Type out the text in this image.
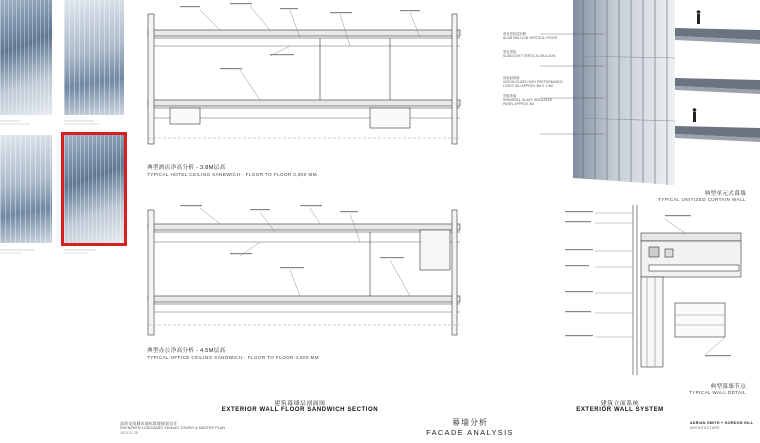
典型酒店净高分析 - 3.8M层高
TYPICAL HOTEL CEILING SANDWICH - FLOOR TO FLOOR 3,800 MM
典型办公净高分析 - 4.5M层高
TYPICAL OFFICE CEILING SANDWICH - FLOOR TO FLOOR 4,500 MM
建筑幕墙层剖面图
EXTERIOR WALL FLOOR SANDWICH SECTION
垂直竖梃装饰鳍
ALUM MULLION VERTICAL FRONT
竖直竖梃
SLAB LIGHT VERTICAL MULLION
低辐射玻璃
VISION GLASS HIGH PERFORMANCE LOW E IGU APPROX 3M X 1.5M
背板玻璃
SPANDREL GLASS INSULATED PANEL APPROX 3M
典型单元式幕墙
TYPICAL UNITIZED CURTAIN WALL
典型幕墙节点
TYPICAL WALL DETAIL
建筑立面系统
EXTERIOR WALL SYSTEM
深圳龙岗城市地标塔楼规划设计
SHENZHEN LONGGANG SHIMAO TOWER & MASTER PLAN
2013.11.25
幕墙分析
FACADE ANALYSIS
ADRIAN SMITH + GORDON GILL
ARCHITECTURE
